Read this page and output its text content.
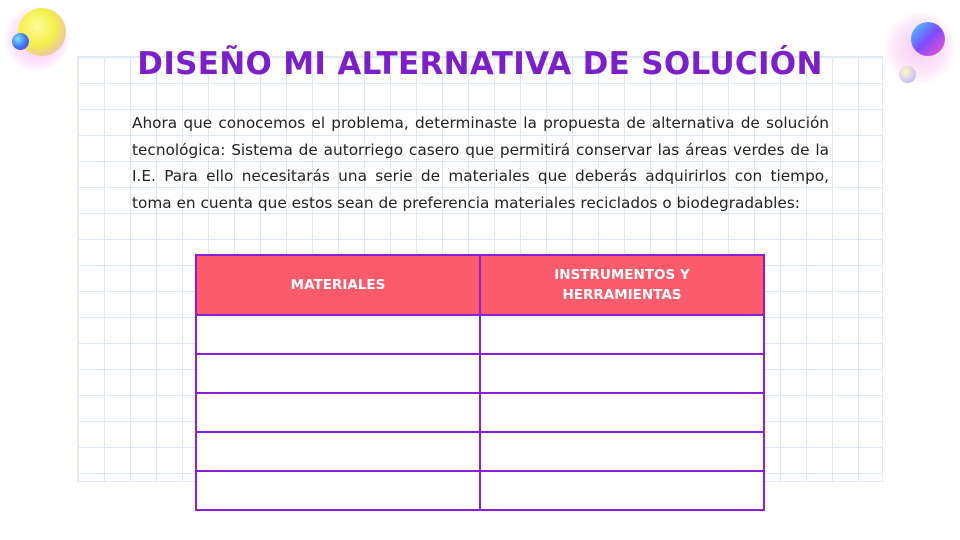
DISEÑO MI ALTERNATIVA DE SOLUCIÓN

Ahora que conocemos el problema, determinaste la propuesta de alternativa de solución tecnológica: Sistema de autorriego casero que permitirá conservar las áreas verdes de la I.E. Para ello necesitarás una serie de materiales que deberás adquirirlos con tiempo, toma en cuenta que estos sean de preferencia materiales reciclados o biodegradables:

MATERIALES	INSTRUMENTOS Y HERRAMIENTAS
